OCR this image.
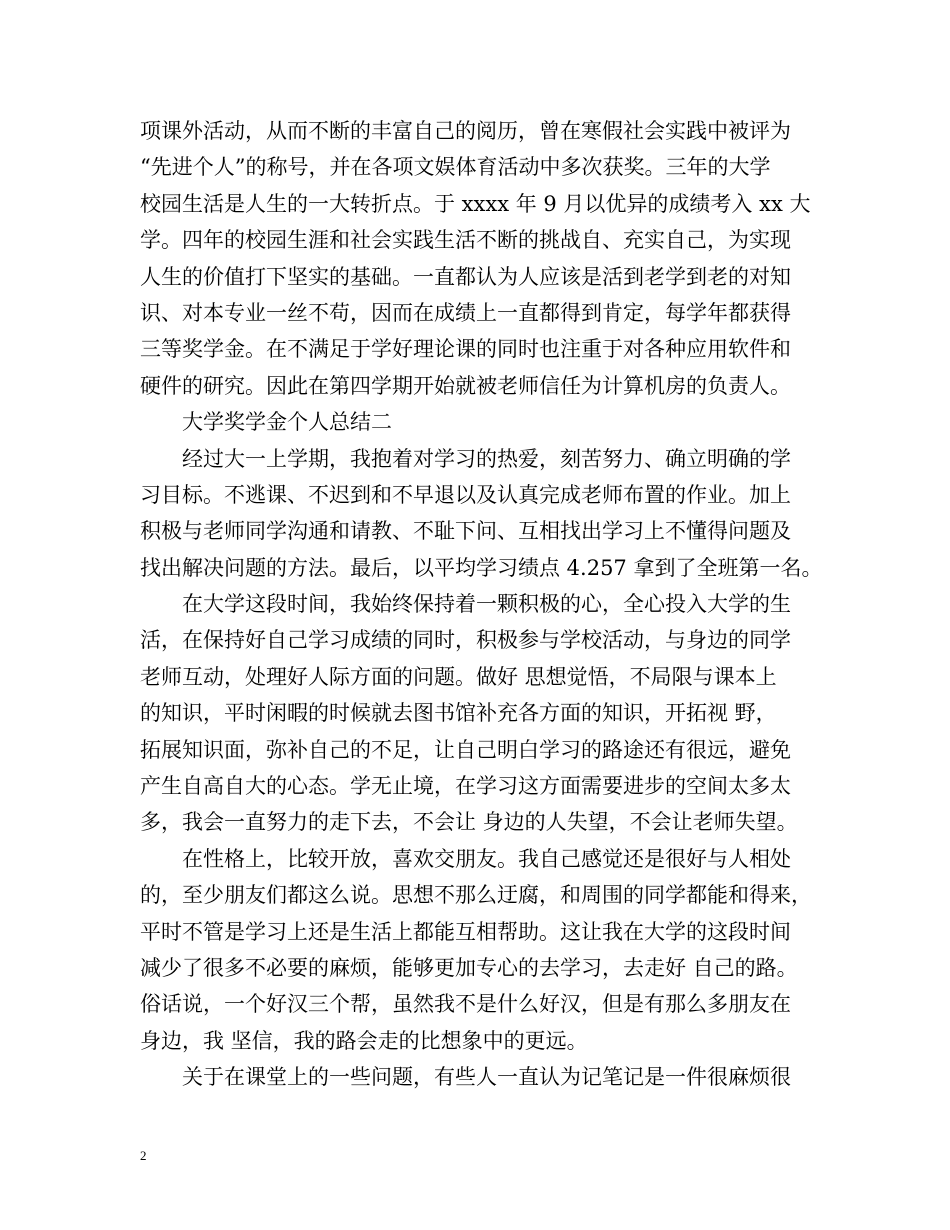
项课外活动，从而不断的丰富自己的阅历，曾在寒假社会实践中被评为
“先进个人”的称号，并在各项文娱体育活动中多次获奖。三年的大学
校园生活是人生的一大转折点。于 xxxx 年 9 月以优异的成绩考入 xx 大
学。四年的校园生涯和社会实践生活不断的挑战自、充实自己，为实现
人生的价值打下坚实的基础。一直都认为人应该是活到老学到老的对知
识、对本专业一丝不苟，因而在成绩上一直都得到肯定，每学年都获得
三等奖学金。在不满足于学好理论课的同时也注重于对各种应用软件和
硬件的研究。因此在第四学期开始就被老师信任为计算机房的负责人。
大学奖学金个人总结二
经过大一上学期，我抱着对学习的热爱，刻苦努力、确立明确的学
习目标。不逃课、不迟到和不早退以及认真完成老师布置的作业。加上
积极与老师同学沟通和请教、不耻下问、互相找出学习上不懂得问题及
找出解决问题的方法。最后，以平均学习绩点 4.257 拿到了全班第一名。
在大学这段时间，我始终保持着一颗积极的心，全心投入大学的生
活，在保持好自己学习成绩的同时，积极参与学校活动，与身边的同学
老师互动，处理好人际方面的问题。做好 思想觉悟，不局限与课本上
的知识，平时闲暇的时候就去图书馆补充各方面的知识，开拓视 野，
拓展知识面，弥补自己的不足，让自己明白学习的路途还有很远，避免
产生自高自大的心态。学无止境，在学习这方面需要进步的空间太多太
多，我会一直努力的走下去，不会让 身边的人失望，不会让老师失望。
在性格上，比较开放，喜欢交朋友。我自己感觉还是很好与人相处
的，至少朋友们都这么说。思想不那么迂腐，和周围的同学都能和得来，
平时不管是学习上还是生活上都能互相帮助。这让我在大学的这段时间
减少了很多不必要的麻烦，能够更加专心的去学习，去走好 自己的路。
俗话说，一个好汉三个帮，虽然我不是什么好汉，但是有那么多朋友在
身边，我 坚信，我的路会走的比想象中的更远。
关于在课堂上的一些问题，有些人一直认为记笔记是一件很麻烦很
2
